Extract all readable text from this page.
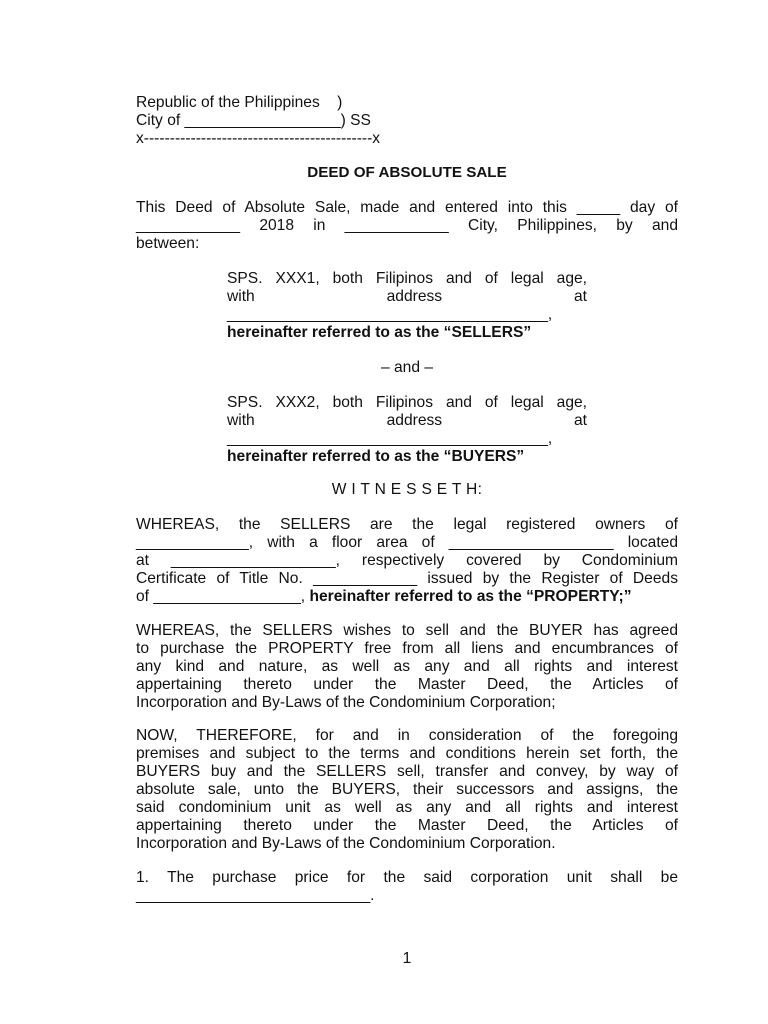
Republic of the Philippines    )
City of __________________) SS
x--------------------------------------------x
DEED OF ABSOLUTE SALE
This Deed of Absolute Sale, made and entered into this _____ day of
____________ 2018 in ____________ City, Philippines, by and
between:
SPS. XXX1, both Filipinos and of legal age,
with address at
_____________________________________,
hereinafter referred to as the “SELLERS”
– and –
SPS. XXX2, both Filipinos and of legal age,
with address at
_____________________________________,
hereinafter referred to as the “BUYERS”
W I T N E S S E T H:
WHEREAS, the SELLERS are the legal registered owners of
_____________, with a floor area of ___________________ located
at ___________________, respectively covered by Condominium
Certificate of Title No. ____________ issued by the Register of Deeds
of _________________, hereinafter referred to as the “PROPERTY;”
WHEREAS, the SELLERS wishes to sell and the BUYER has agreed
to purchase the PROPERTY free from all liens and encumbrances of
any kind and nature, as well as any and all rights and interest
appertaining thereto under the Master Deed, the Articles of
Incorporation and By-Laws of the Condominium Corporation;
NOW, THEREFORE, for and in consideration of the foregoing
premises and subject to the terms and conditions herein set forth, the
BUYERS buy and the SELLERS sell, transfer and convey, by way of
absolute sale, unto the BUYERS, their successors and assigns, the
said condominium unit as well as any and all rights and interest
appertaining thereto under the Master Deed, the Articles of
Incorporation and By-Laws of the Condominium Corporation.
1. The purchase price for the said corporation unit shall be
___________________________.
1
